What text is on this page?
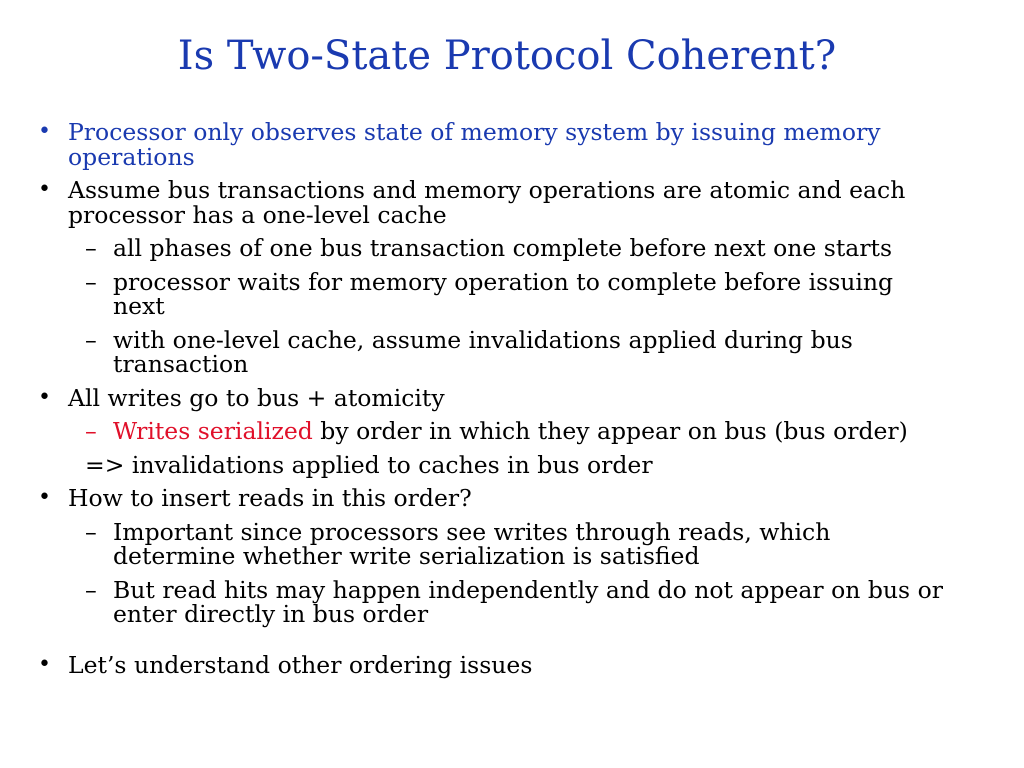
Is Two-State Protocol Coherent?
• Processor only observes state of memory system by issuing memory operations
• Assume bus transactions and memory operations are atomic and each processor has a one-level cache
– all phases of one bus transaction complete before next one starts
– processor waits for memory operation to complete before issuing next
– with one-level cache, assume invalidations applied during bus transaction
• All writes go to bus + atomicity
– Writes serialized by order in which they appear on bus (bus order)
=> invalidations applied to caches in bus order
• How to insert reads in this order?
– Important since processors see writes through reads, which determine whether write serialization is satisfied
– But read hits may happen independently and do not appear on bus or enter directly in bus order
• Let’s understand other ordering issues
